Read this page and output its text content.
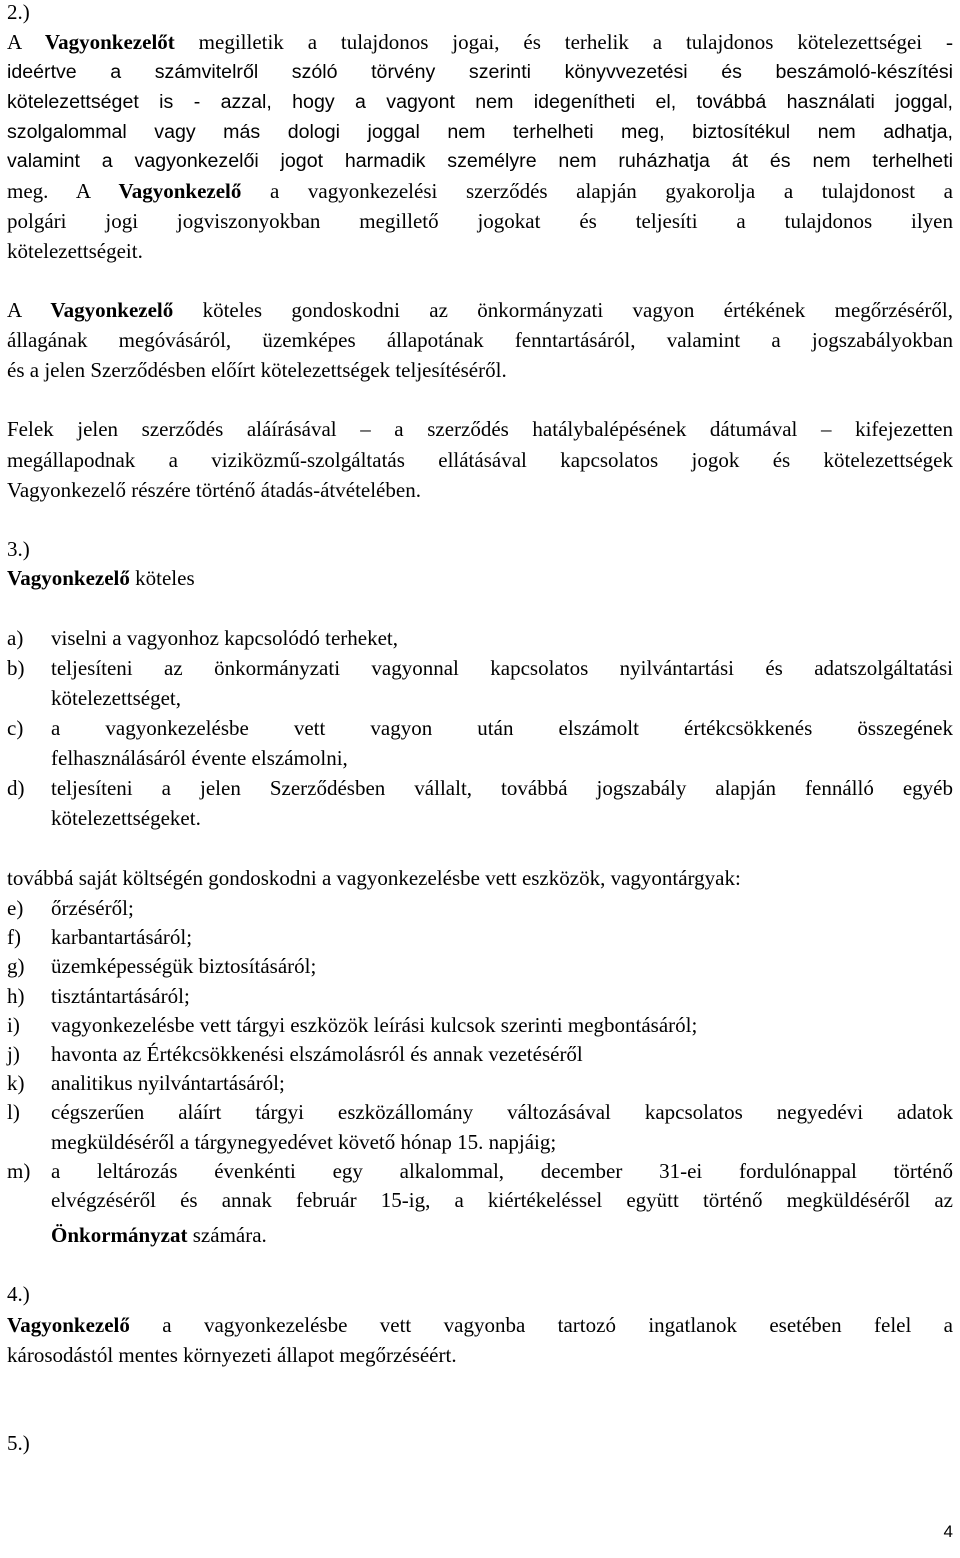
2.)
A Vagyonkezelőt megilletik a tulajdonos jogai, és terhelik a tulajdonos kötelezettségei -
ideértve a számvitelről szóló törvény szerinti könyvvezetési és beszámoló-készítési
kötelezettséget is - azzal, hogy a vagyont nem idegenítheti el, továbbá használati joggal,
szolgalommal vagy más dologi joggal nem terhelheti meg, biztosítékul nem adhatja,
valamint a vagyonkezelői jogot harmadik személyre nem ruházhatja át és nem terhelheti
meg. A Vagyonkezelő a vagyonkezelési szerződés alapján gyakorolja a tulajdonost a
polgári jogi jogviszonyokban megillető jogokat és teljesíti a tulajdonos ilyen
kötelezettségeit.
A Vagyonkezelő köteles gondoskodni az önkormányzati vagyon értékének megőrzéséről,
állagának megóvásáról, üzemképes állapotának fenntartásáról, valamint a jogszabályokban
és a jelen Szerződésben előírt kötelezettségek teljesítéséről.
Felek jelen szerződés aláírásával – a szerződés hatálybalépésének dátumával – kifejezetten
megállapodnak a viziközmű-szolgáltatás ellátásával kapcsolatos jogok és kötelezettségek
Vagyonkezelő részére történő átadás-átvételében.
3.)
Vagyonkezelő köteles
a) viselni a vagyonhoz kapcsolódó terheket,
b) teljesíteni az önkormányzati vagyonnal kapcsolatos nyilvántartási és adatszolgáltatási
kötelezettséget,
c) a vagyonkezelésbe vett vagyon után elszámolt értékcsökkenés összegének
felhasználásáról évente elszámolni,
d) teljesíteni a jelen Szerződésben vállalt, továbbá jogszabály alapján fennálló egyéb
kötelezettségeket.
továbbá saját költségén gondoskodni a vagyonkezelésbe vett eszközök, vagyontárgyak:
e) őrzéséről;
f) karbantartásáról;
g) üzemképességük biztosításáról;
h) tisztántartásáról;
i) vagyonkezelésbe vett tárgyi eszközök leírási kulcsok szerinti megbontásáról;
j) havonta az Értékcsökkenési elszámolásról és annak vezetéséről
k) analitikus nyilvántartásáról;
l) cégszerűen aláírt tárgyi eszközállomány változásával kapcsolatos negyedévi adatok
megküldéséről a tárgynegyedévet követő hónap 15. napjáig;
m) a leltározás évenkénti egy alkalommal, december 31-ei fordulónappal történő
elvégzéséről és annak február 15-ig, a kiértékeléssel együtt történő megküldéséről az
Önkormányzat számára.
4.)
Vagyonkezelő a vagyonkezelésbe vett vagyonba tartozó ingatlanok esetében felel a
károsodástól mentes környezeti állapot megőrzéséért.
5.)
4
